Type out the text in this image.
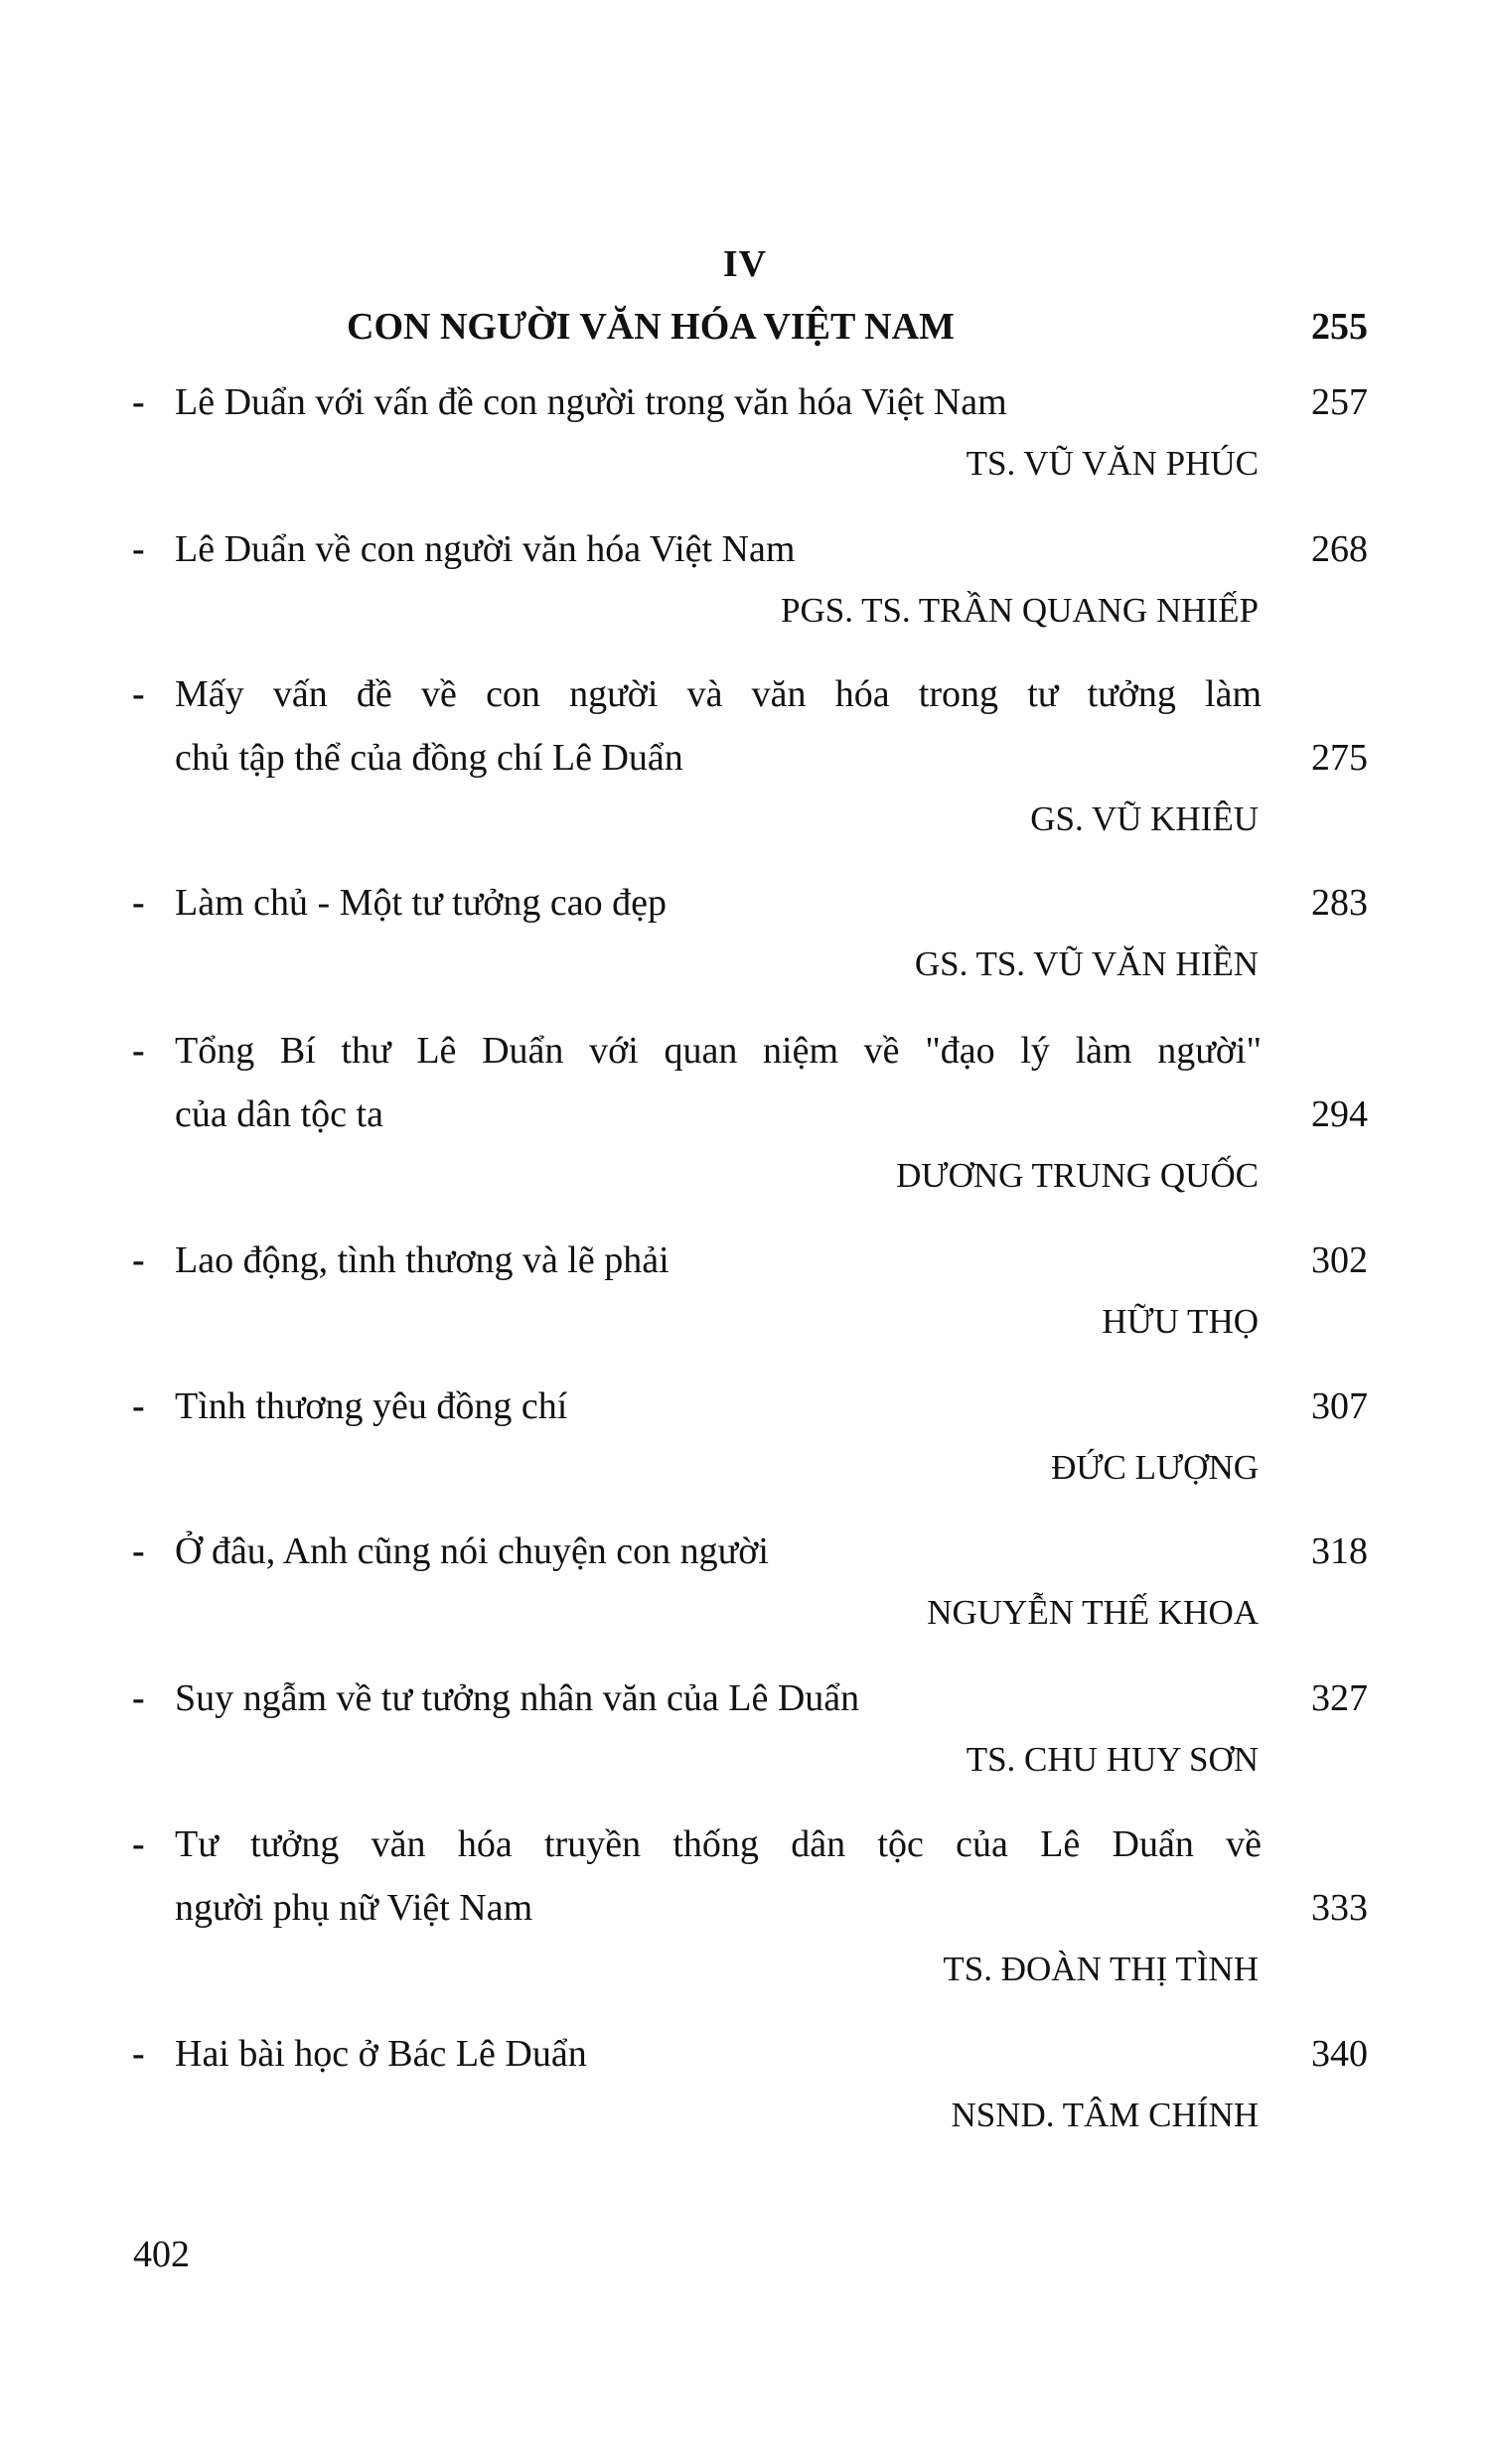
IV
CON NGƯỜI VĂN HÓA VIỆT NAM	255
- Lê Duẩn với vấn đề con người trong văn hóa Việt Nam	257
TS. VŨ VĂN PHÚC
- Lê Duẩn về con người văn hóa Việt Nam	268
PGS. TS. TRẦN QUANG NHIẾP
- Mấy vấn đề về con người và văn hóa trong tư tưởng làm
chủ tập thể của đồng chí Lê Duẩn	275
GS. VŨ KHIÊU
- Làm chủ - Một tư tưởng cao đẹp	283
GS. TS. VŨ VĂN HIỀN
- Tổng Bí thư Lê Duẩn với quan niệm về "đạo lý làm người"
của dân tộc ta	294
DƯƠNG TRUNG QUỐC
- Lao động, tình thương và lẽ phải	302
HỮU THỌ
- Tình thương yêu đồng chí	307
ĐỨC LƯỢNG
- Ở đâu, Anh cũng nói chuyện con người	318
NGUYỄN THẾ KHOA
- Suy ngẫm về tư tưởng nhân văn của Lê Duẩn	327
TS. CHU HUY SƠN
- Tư tưởng văn hóa truyền thống dân tộc của Lê Duẩn về
người phụ nữ Việt Nam	333
TS. ĐOÀN THỊ TÌNH
- Hai bài học ở Bác Lê Duẩn	340
NSND. TÂM CHÍNH
402
